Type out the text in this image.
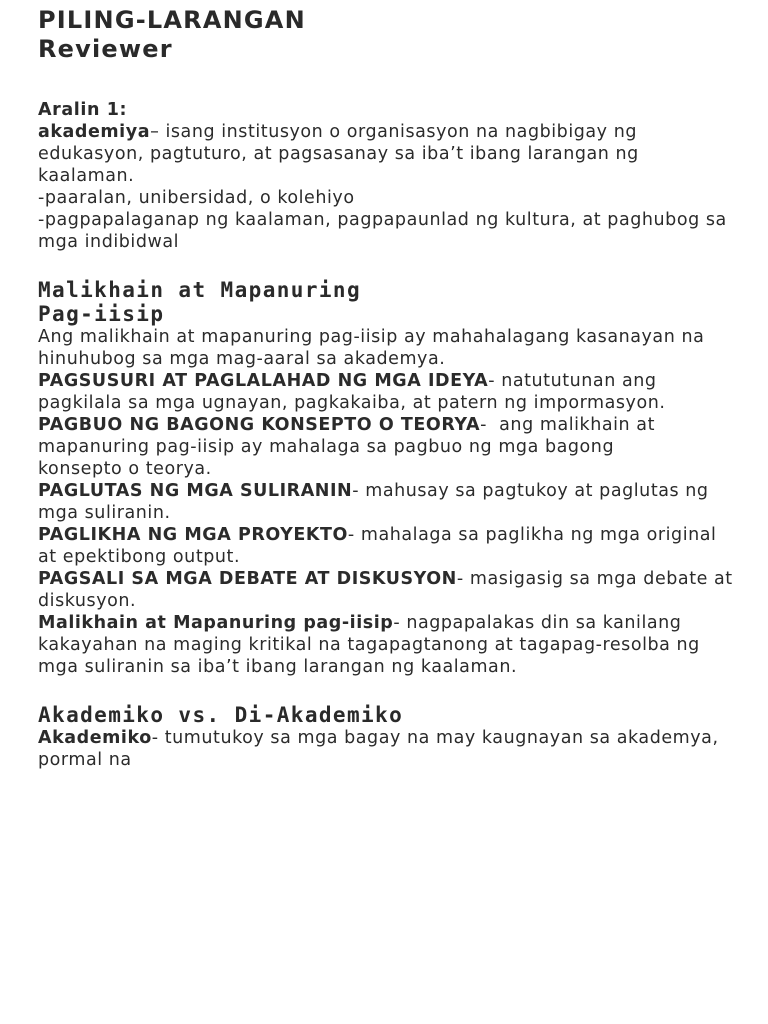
PILING-LARANGAN
Reviewer
Aralin 1:

akademiya– isang institusyon o organisasyon na nagbibigay ng edukasyon, pagtuturo, at pagsasanay sa iba’t ibang larangan ng kaalaman.

-paaralan, unibersidad, o kolehiyo

-pagpapalaganap ng kaalaman, pagpapaunlad ng kultura, at paghubog sa mga indibidwal

Malikhain at Mapanuring
Pag-iisip

Ang malikhain at mapanuring pag-iisip ay mahahalagang kasanayan na hinuhubog sa mga mag-aaral sa akademya.

PAGSUSURI AT PAGLALAHAD NG MGA IDEYA- natututunan ang pagkilala sa mga ugnayan, pagkakaiba, at patern ng impormasyon.

PAGBUO NG BAGONG KONSEPTO O TEORYA-  ang malikhain at mapanuring pag-iisip ay mahalaga sa pagbuo ng mga bagong

konsepto o teorya.

PAGLUTAS NG MGA SULIRANIN- mahusay sa pagtukoy at paglutas ng mga suliranin.

PAGLIKHA NG MGA PROYEKTO- mahalaga sa paglikha ng mga original at epektibong output.

PAGSALI SA MGA DEBATE AT DISKUSYON- masigasig sa mga debate at diskusyon.

Malikhain at Mapanuring pag-iisip- nagpapalakas din sa kanilang kakayahan na maging kritikal na tagapagtanong at tagapag-resolba ng mga suliranin sa iba’t ibang larangan ng kaalaman.

Akademiko vs. Di-Akademiko

Akademiko- tumutukoy sa mga bagay na may kaugnayan sa akademya, pormal na
